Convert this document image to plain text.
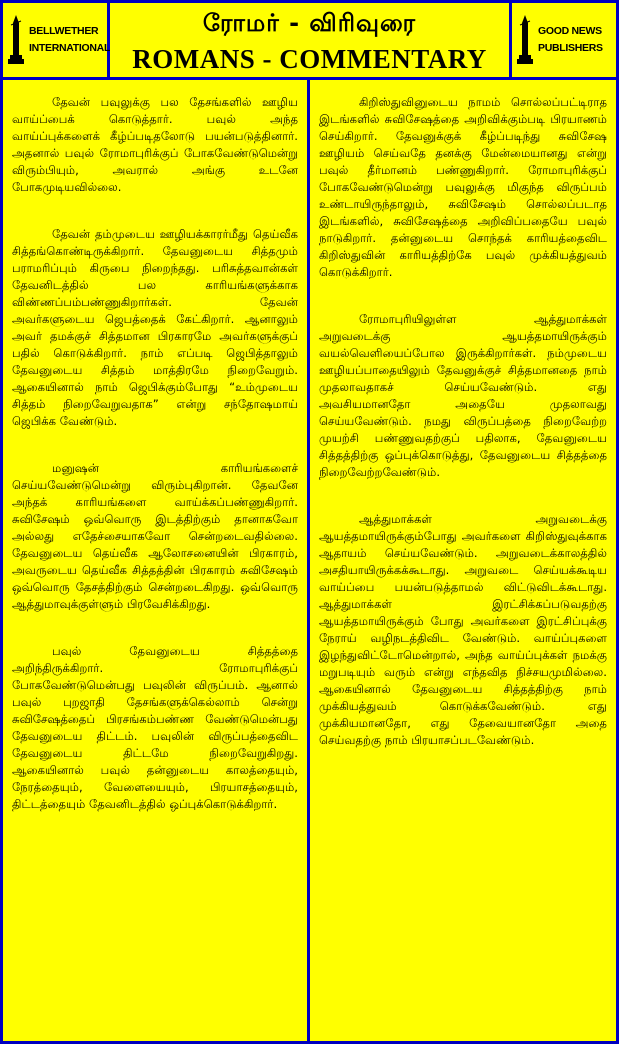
BELLWETHER
INTERNATIONAL
ரோமர் - விரிவுரை
ROMANS - COMMENTARY
GOOD NEWS
PUBLISHERS

தேவன் பவுலுக்கு பல தேசங்களில் ஊழிய வாய்ப்பைக் கொடுத்தார். பவுல் அந்த வாய்ப்புக்களைக் கீழ்ப்படிதலோடு பயன்படுத்தினார். அதனால் பவுல் ரோமாபுரிக்குப் போகவேண்டுமென்று விரும்பியும், அவரால் அங்கு உடனே போகமுடியவில்லை.

தேவன் தம்முடைய ஊழியக்காரர்மீது தெய்வீக சித்தங்கொண்டிருக்கிறார். தேவனுடைய சித்தமும் பராமரிப்பும் கிருபை நிறைந்தது. பரிசுத்தவான்கள் தேவனிடத்தில் பல காரியங்களுக்காக விண்ணப்பம்பண்ணுகிறார்கள். தேவன் அவர்களுடைய ஜெபத்தைக் கேட்கிறார். ஆனாலும் அவர் தமக்குச் சித்தமான பிரகாரமே அவர்களுக்குப் பதில் கொடுக்கிறார். நாம் எப்படி ஜெபித்தாலும் தேவனுடைய சித்தம் மாத்திரமே நிறைவேறும். ஆகையினால் நாம் ஜெபிக்கும்போது “உம்முடைய சித்தம் நிறைவேறுவதாக” என்று சந்தோஷமாய் ஜெபிக்க வேண்டும்.

மனுஷன் காரியங்களைச் செய்யவேண்டுமென்று விரும்புகிறான். தேவனே அந்தக் காரியங்களை வாய்க்கப்பண்ணுகிறார். சுவிசேஷம் ஒவ்வொரு இடத்திற்கும் தானாகவோ அல்லது எதேச்சையாகவோ சென்றடைவதில்லை. தேவனுடைய தெய்வீக ஆலோசனையின் பிரகாரம், அவருடைய தெய்வீக சித்தத்தின் பிரகாரம் சுவிசேஷம் ஒவ்வொரு தேசத்திற்கும் சென்றடைகிறது. ஒவ்வொரு ஆத்துமாவுக்குள்ளும் பிரவேசிக்கிறது.

பவுல் தேவனுடைய சித்தத்தை அறிந்திருக்கிறார். ரோமாபுரிக்குப் போகவேண்டுமென்பது பவுலின் விருப்பம். ஆனால் பவுல் புறஜாதி தேசங்களுக்கெல்லாம் சென்று சுவிசேஷத்தைப் பிரசங்கம்பண்ண வேண்டுமென்பது தேவனுடைய திட்டம். பவுலின் விருப்பத்தைவிட தேவனுடைய திட்டமே நிறைவேறுகிறது. ஆகையினால் பவுல் தன்னுடைய காலத்தையும், நேரத்தையும், வேளையையும், பிரயாசத்தையும், திட்டத்தையும் தேவனிடத்தில் ஒப்புக்கொடுக்கிறார்.

கிறிஸ்துவினுடைய நாமம் சொல்லப்பட்டிராத இடங்களில் சுவிசேஷத்தை அறிவிக்கும்படி பிரயாணம் செய்கிறார். தேவனுக்குக் கீழ்ப்படிந்து சுவிசேஷ ஊழியம் செய்வதே தனக்கு மேன்மையானது என்று பவுல் தீர்மானம் பண்ணுகிறார். ரோமாபுரிக்குப் போகவேண்டுமென்று பவுலுக்கு மிகுந்த விருப்பம் உண்டாயிருந்தாலும், சுவிசேஷம் சொல்லப்படாத இடங்களில், சுவிசேஷத்தை அறிவிப்பதையே பவுல் நாடுகிறார். தன்னுடைய சொந்தக் காரியத்தைவிட கிறிஸ்துவின் காரியத்திற்கே பவுல் முக்கியத்துவம் கொடுக்கிறார்.

ரோமாபுரியிலுள்ள ஆத்துமாக்கள் அறுவடைக்கு ஆயத்தமாயிருக்கும் வயல்வெளியைப்போல இருக்கிறார்கள். நம்முடைய ஊழியப்பாதையிலும் தேவனுக்குச் சித்தமானதை நாம் முதலாவதாகச் செய்யவேண்டும். எது அவசியமானதோ அதையே முதலாவது செய்யவேண்டும். நமது விருப்பத்தை நிறைவேற்ற முயற்சி பண்ணுவதற்குப் பதிலாக, தேவனுடைய சித்தத்திற்கு ஒப்புக்கொடுத்து, தேவனுடைய சித்தத்தை நிறைவேற்றவேண்டும்.

ஆத்துமாக்கள் அறுவடைக்கு ஆயத்தமாயிருக்கும்போது அவர்களை கிறிஸ்துவுக்காக ஆதாயம் செய்யவேண்டும். அறுவடைக்காலத்தில் அசதியாயிருக்கக்கூடாது. அறுவடை செய்யக்கூடிய வாய்ப்பை பயன்படுத்தாமல் விட்டுவிடக்கூடாது. ஆத்துமாக்கள் இரட்சிக்கப்படுவதற்கு ஆயத்தமாயிருக்கும் போது அவர்களை இரட்சிப்புக்கு நேராய் வழிநடத்திவிட வேண்டும். வாய்ப்புகளை இழந்துவிட்டோமென்றால், அந்த வாய்ப்புக்கள் நமக்கு மறுபடியும் வரும் என்று எந்தவித நிச்சயமுமில்லை. ஆகையினால் தேவனுடைய சித்தத்திற்கு நாம் முக்கியத்துவம் கொடுக்கவேண்டும். எது முக்கியமானதோ, எது தேவையானதோ அதை செய்வதற்கு நாம் பிரயாசப்படவேண்டும்.
